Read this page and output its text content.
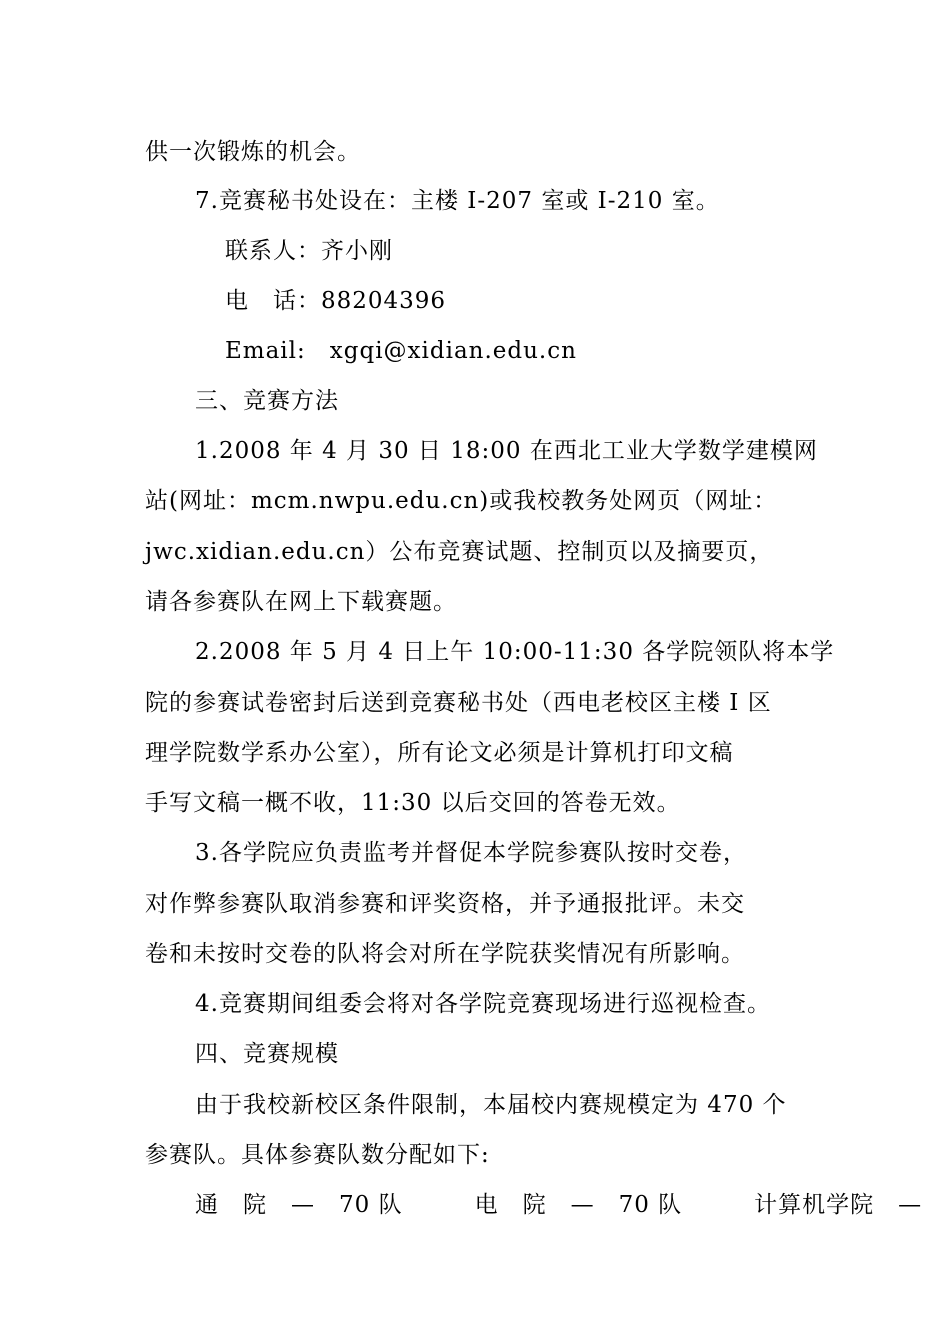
供一次锻炼的机会。
7.竞赛秘书处设在：主楼 I-207 室或 I-210 室。
联系人：齐小刚
电　话：88204396
Email:　xgqi@xidian.edu.cn
三、竞赛方法
1.2008 年 4 月 30 日 18:00 在西北工业大学数学建模网
站(网址：mcm.nwpu.edu.cn)或我校教务处网页（网址：
jwc.xidian.edu.cn）公布竞赛试题、控制页以及摘要页，
请各参赛队在网上下载赛题。
2.2008 年 5 月 4 日上午 10:00-11:30 各学院领队将本学
院的参赛试卷密封后送到竞赛秘书处（西电老校区主楼 I 区
理学院数学系办公室），所有论文必须是计算机打印文稿
手写文稿一概不收，11:30 以后交回的答卷无效。
3.各学院应负责监考并督促本学院参赛队按时交卷，
对作弊参赛队取消参赛和评奖资格，并予通报批评。未交
卷和未按时交卷的队将会对所在学院获奖情况有所影响。
4.竞赛期间组委会将对各学院竞赛现场进行巡视检查。
四、竞赛规模
由于我校新校区条件限制，本届校内赛规模定为 470 个
参赛队。具体参赛队数分配如下:
通　院　—　70 队　　　电　院　—　70 队　　　计算机学院　—
